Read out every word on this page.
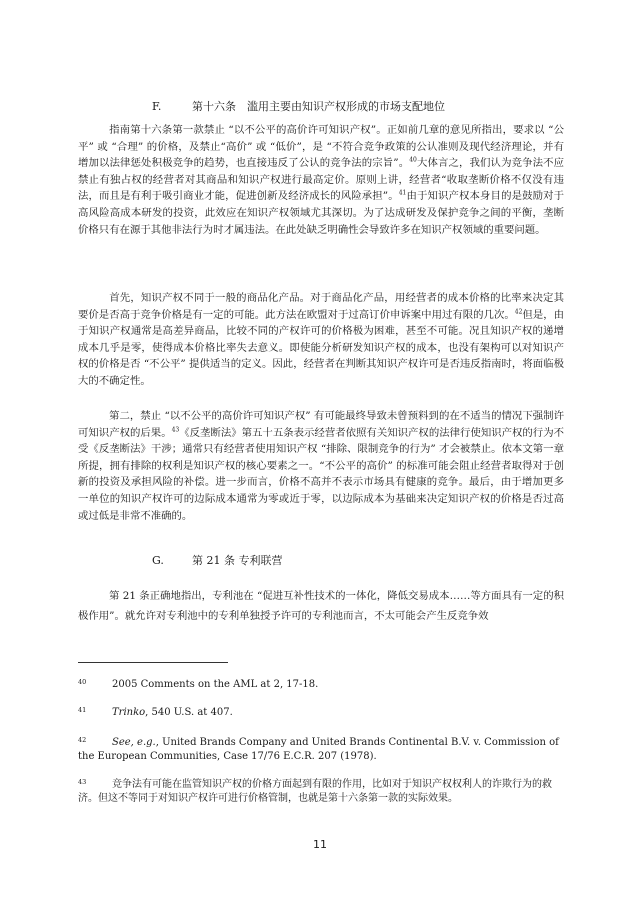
F.	第十六条　滥用主要由知识产权形成的市场支配地位

指南第十六条第一款禁止 “以不公平的高价许可知识产权”。正如前几章的意见所指出，要求以 “公平” 或 “合理” 的价格，及禁止“高价” 或 “低价”，是 “不符合竞争政策的公认准则及现代经济理论，并有增加以法律惩处积极竞争的趋势，也直接违反了公认的竞争法的宗旨”。$^{40}$大体言之，我们认为竞争法不应禁止有独占权的经营者对其商品和知识产权进行最高定价。原则上讲，经营者“收取垄断价格不仅没有违法，而且是有利于吸引商业才能，促进创新及经济成长的风险承担”。$^{41}$由于知识产权本身目的是鼓励对于高风险高成本研发的投资，此效应在知识产权领域尤其深切。为了达成研发及保护竞争之间的平衡，垄断价格只有在源于其他非法行为时才属违法。在此处缺乏明确性会导致许多在知识产权领域的重要问题。

首先，知识产权不同于一般的商品化产品。对于商品化产品，用经营者的成本价格的比率来决定其要价是否高于竞争价格是有一定的可能。此方法在欧盟对于过高订价申诉案中用过有限的几次。$^{42}$但是，由于知识产权通常是高差异商品，比较不同的产权许可的价格极为困难，甚至不可能。况且知识产权的递增成本几乎是零，使得成本价格比率失去意义。即使能分析研发知识产权的成本，也没有架构可以对知识产权的价格是否 “不公平” 提供适当的定义。因此，经营者在判断其知识产权许可是否违反指南时，将面临极大的不确定性。

第二，禁止 “以不公平的高价许可知识产权” 有可能最终导致未曾预料到的在不适当的情况下强制许可知识产权的后果。$^{43}$《反垄断法》第五十五条表示经营者依照有关知识产权的法律行使知识产权的行为不受《反垄断法》干涉；通常只有经营者使用知识产权 “排除、限制竞争的行为” 才会被禁止。依本文第一章所提，拥有排除的权利是知识产权的核心要素之一。“不公平的高价” 的标准可能会阻止经营者取得对于创新的投资及承担风险的补偿。进一步而言，价格不高并不表示市场具有健康的竞争。最后，由于增加更多一单位的知识产权许可的边际成本通常为零或近于零，以边际成本为基础来决定知识产权的价格是否过高或过低是非常不准确的。

G.	第 21 条 专利联营

第 21 条正确地指出，专利池在 “促进互补性技术的一体化，降低交易成本……等方面具有一定的积极作用”。就允许对专利池中的专利单独授予许可的专利池而言，不太可能会产生反竞争效

40	2005 Comments on the AML at 2, 17-18.
41	Trinko, 540 U.S. at 407.
42	See, e.g., United Brands Company and United Brands Continental B.V. v. Commission of the European Communities, Case 17/76 E.C.R. 207 (1978).
43	竞争法有可能在监管知识产权的价格方面起到有限的作用，比如对于知识产权权利人的诈欺行为的救济。但这不等同于对知识产权许可进行价格管制，也就是第十六条第一款的实际效果。
11
